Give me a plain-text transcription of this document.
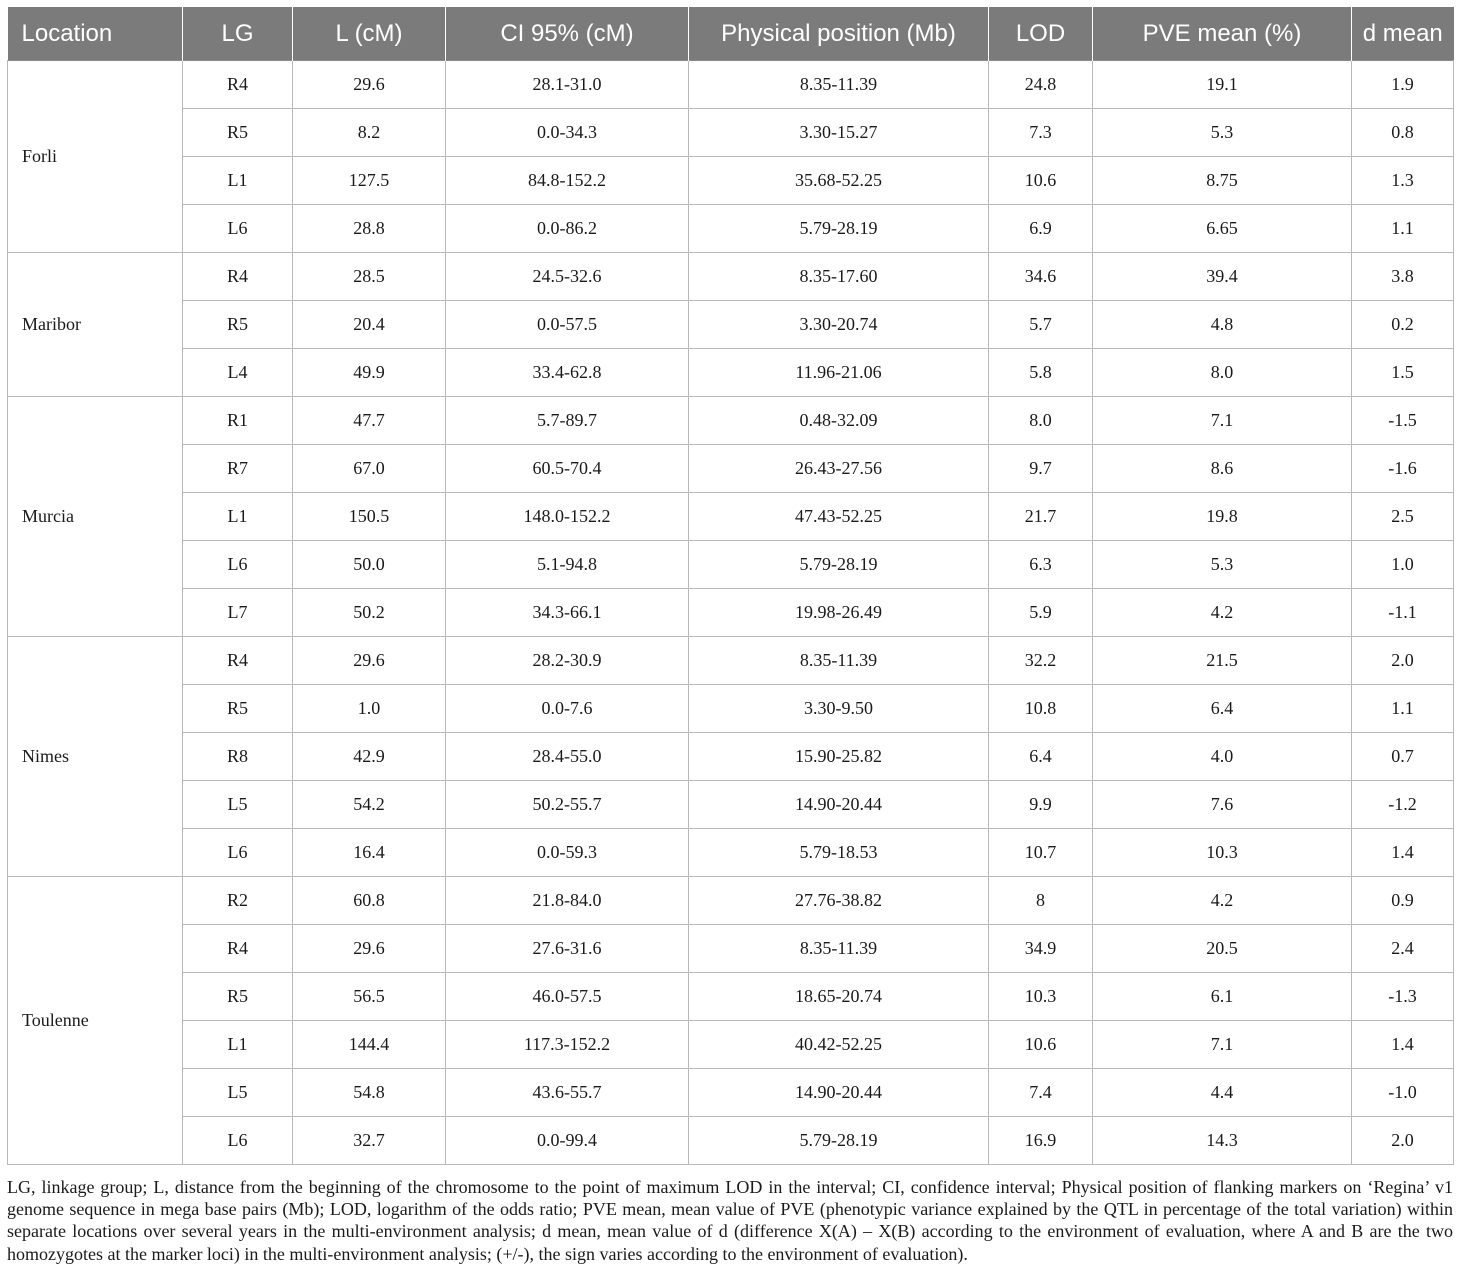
Location	LG	L (cM)	CI 95% (cM)	Physical position (Mb)	LOD	PVE mean (%)	d mean
Forli	R4	29.6	28.1-31.0	8.35-11.39	24.8	19.1	1.9
	R5	8.2	0.0-34.3	3.30-15.27	7.3	5.3	0.8
	L1	127.5	84.8-152.2	35.68-52.25	10.6	8.75	1.3
	L6	28.8	0.0-86.2	5.79-28.19	6.9	6.65	1.1
Maribor	R4	28.5	24.5-32.6	8.35-17.60	34.6	39.4	3.8
	R5	20.4	0.0-57.5	3.30-20.74	5.7	4.8	0.2
	L4	49.9	33.4-62.8	11.96-21.06	5.8	8.0	1.5
Murcia	R1	47.7	5.7-89.7	0.48-32.09	8.0	7.1	-1.5
	R7	67.0	60.5-70.4	26.43-27.56	9.7	8.6	-1.6
	L1	150.5	148.0-152.2	47.43-52.25	21.7	19.8	2.5
	L6	50.0	5.1-94.8	5.79-28.19	6.3	5.3	1.0
	L7	50.2	34.3-66.1	19.98-26.49	5.9	4.2	-1.1
Nimes	R4	29.6	28.2-30.9	8.35-11.39	32.2	21.5	2.0
	R5	1.0	0.0-7.6	3.30-9.50	10.8	6.4	1.1
	R8	42.9	28.4-55.0	15.90-25.82	6.4	4.0	0.7
	L5	54.2	50.2-55.7	14.90-20.44	9.9	7.6	-1.2
	L6	16.4	0.0-59.3	5.79-18.53	10.7	10.3	1.4
Toulenne	R2	60.8	21.8-84.0	27.76-38.82	8	4.2	0.9
	R4	29.6	27.6-31.6	8.35-11.39	34.9	20.5	2.4
	R5	56.5	46.0-57.5	18.65-20.74	10.3	6.1	-1.3
	L1	144.4	117.3-152.2	40.42-52.25	10.6	7.1	1.4
	L5	54.8	43.6-55.7	14.90-20.44	7.4	4.4	-1.0
	L6	32.7	0.0-99.4	5.79-28.19	16.9	14.3	2.0
LG, linkage group; L, distance from the beginning of the chromosome to the point of maximum LOD in the interval; CI, confidence interval; Physical position of flanking markers on ‘Regina’ v1 genome sequence in mega base pairs (Mb); LOD, logarithm of the odds ratio; PVE mean, mean value of PVE (phenotypic variance explained by the QTL in percentage of the total variation) within separate locations over several years in the multi-environment analysis; d mean, mean value of d (difference X(A) – X(B) according to the environment of evaluation, where A and B are the two homozygotes at the marker loci) in the multi-environment analysis; (+/-), the sign varies according to the environment of evaluation).
